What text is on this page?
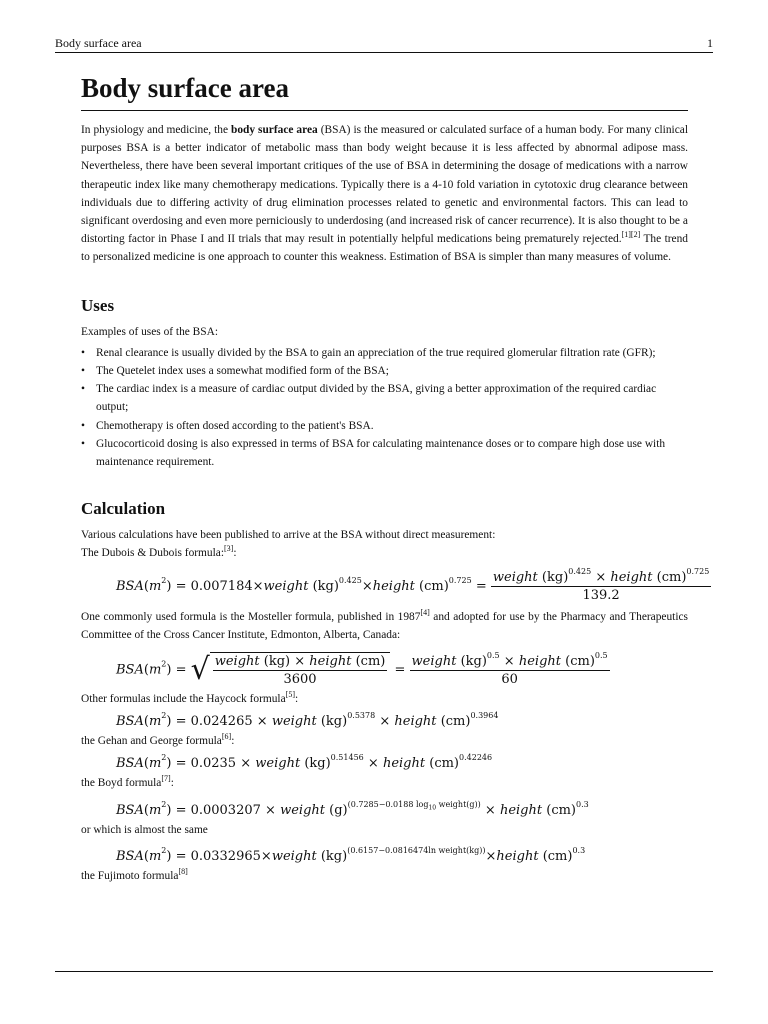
Body surface area	1
Body surface area

In physiology and medicine, the body surface area (BSA) is the measured or calculated surface of a human body. For many clinical purposes BSA is a better indicator of metabolic mass than body weight because it is less affected by abnormal adipose mass. Nevertheless, there have been several important critiques of the use of BSA in determining the dosage of medications with a narrow therapeutic index like many chemotherapy medications. Typically there is a 4-10 fold variation in cytotoxic drug clearance between individuals due to differing activity of drug elimination processes related to genetic and environmental factors. This can lead to significant overdosing and even more perniciously to underdosing (and increased risk of cancer recurrence). It is also thought to be a distorting factor in Phase I and II trials that may result in potentially helpful medications being prematurely rejected.[1][2] The trend to personalized medicine is one approach to counter this weakness. Estimation of BSA is simpler than many measures of volume.

Uses

Examples of uses of the BSA:

• Renal clearance is usually divided by the BSA to gain an appreciation of the true required glomerular filtration rate (GFR);
• The Quetelet index uses a somewhat modified form of the BSA;
• The cardiac index is a measure of cardiac output divided by the BSA, giving a better approximation of the required cardiac output;
• Chemotherapy is often dosed according to the patient's BSA.
• Glucocorticoid dosing is also expressed in terms of BSA for calculating maintenance doses or to compare high dose use with maintenance requirement.
Calculation

Various calculations have been published to arrive at the BSA without direct measurement:

The Dubois & Dubois formula:[3]:

$BSA(m^2)$ = 0.007184×weight (kg)$^{0.425}$×height $(cm)^{0.725} = \frac{weight (kg)^{0.425} \times height (cm)^{0.725}}{139.2}$

One commonly used formula is the Mosteller formula, published in 1987[4] and adopted for use by the Pharmacy and Therapeutics Committee of the Cross Cancer Institute, Edmonton, Alberta, Canada:

$BSA(m^2)$ = √ $\frac{\text{weight (kg) × height (cm)}}{3600} = \frac{weight (kg)^{0.5} \times height (cm)^{0.5}}{60}$

Other formulas include the Haycock formula[5]:

$BSA(m^2) = 0.024265$ × weight (kg)$^{0.5378}$ × height (cm)$^{0.3964}$

the Gehan and George formula[6]:

$BSA(m^2) = 0.0235$ × weight (kg)$^{0.51456}$ × height (cm)$^{0.42246}$

the Boyd formula[7]:

$BSA(m^2) = 0.0003207$ × weight $(g)^{(0.7285-0.0188 log_{10} weight(g))}$ × height (cm)$^{0.3}$

or which is almost the same

$BSA(m^2)$ = 0.0332965×weight (kg)$^{(0.6157-0.0816474ln weight(kg))}$×height (cm)$^{0.3}$

the Fujimoto formula[8]
